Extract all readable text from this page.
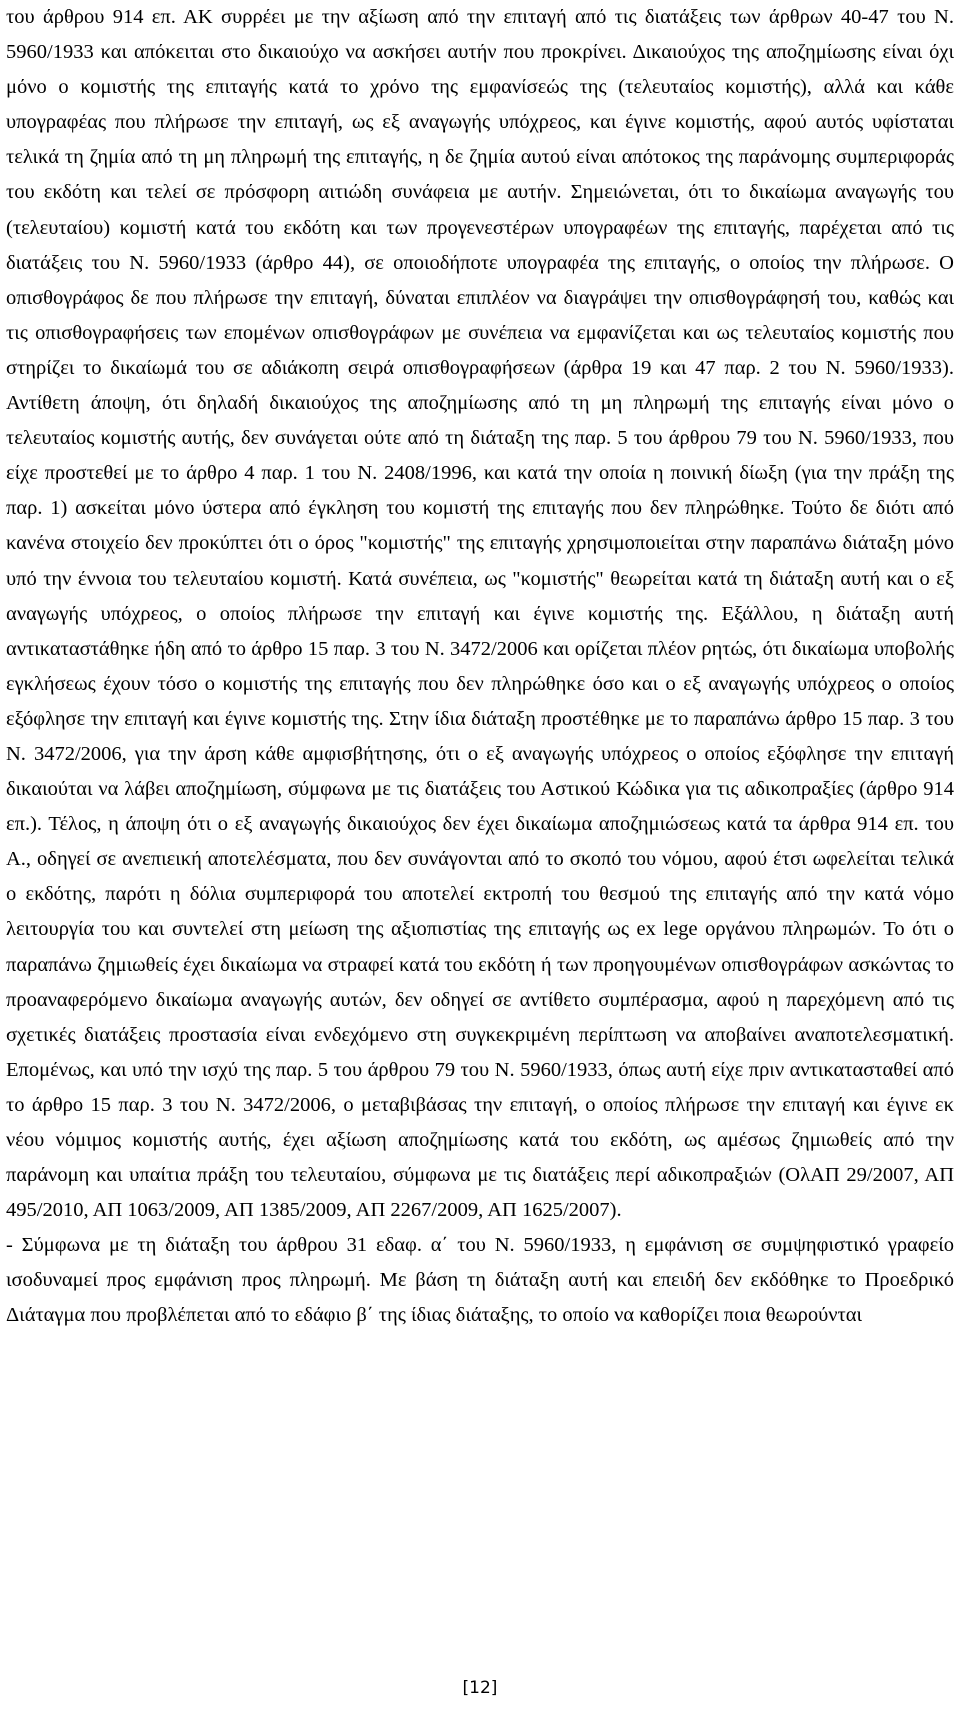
του άρθρου 914 επ. ΑΚ συρρέει με την αξίωση από την επιταγή από τις διατάξεις των άρθρων 40-47 του Ν. 5960/1933 και απόκειται στο δικαιούχο να ασκήσει αυτήν που προκρίνει. Δικαιούχος της αποζημίωσης είναι όχι μόνο ο κομιστής της επιταγής κατά το χρόνο της εμφανίσεώς της (τελευταίος κομιστής), αλλά και κάθε υπογραφέας που πλήρωσε την επιταγή, ως εξ αναγωγής υπόχρεος, και έγινε κομιστής, αφού αυτός υφίσταται τελικά τη ζημία από τη μη πληρωμή της επιταγής, η δε ζημία αυτού είναι απότοκος της παράνομης συμπεριφοράς του εκδότη και τελεί σε πρόσφορη αιτιώδη συνάφεια με αυτήν. Σημειώνεται, ότι το δικαίωμα αναγωγής του (τελευταίου) κομιστή κατά του εκδότη και των προγενεστέρων υπογραφέων της επιταγής, παρέχεται από τις διατάξεις του Ν. 5960/1933 (άρθρο 44), σε οποιοδήποτε υπογραφέα της επιταγής, ο οποίος την πλήρωσε. Ο οπισθογράφος δε που πλήρωσε την επιταγή, δύναται επιπλέον να διαγράψει την οπισθογράφησή του, καθώς και τις οπισθογραφήσεις των επομένων οπισθογράφων με συνέπεια να εμφανίζεται και ως τελευταίος κομιστής που στηρίζει το δικαίωμά του σε αδιάκοπη σειρά οπισθογραφήσεων (άρθρα 19 και 47 παρ. 2 του Ν. 5960/1933). Αντίθετη άποψη, ότι δηλαδή δικαιούχος της αποζημίωσης από τη μη πληρωμή της επιταγής είναι μόνο ο τελευταίος κομιστής αυτής, δεν συνάγεται ούτε από τη διάταξη της παρ. 5 του άρθρου 79 του Ν. 5960/1933, που είχε προστεθεί με το άρθρο 4 παρ. 1 του Ν. 2408/1996, και κατά την οποία η ποινική δίωξη (για την πράξη της παρ. 1) ασκείται μόνο ύστερα από έγκληση του κομιστή της επιταγής που δεν πληρώθηκε. Τούτο δε διότι από κανένα στοιχείο δεν προκύπτει ότι ο όρος "κομιστής" της επιταγής χρησιμοποιείται στην παραπάνω διάταξη μόνο υπό την έννοια του τελευταίου κομιστή. Κατά συνέπεια, ως "κομιστής" θεωρείται κατά τη διάταξη αυτή και ο εξ αναγωγής υπόχρεος, ο οποίος πλήρωσε την επιταγή και έγινε κομιστής της. Εξάλλου, η διάταξη αυτή αντικαταστάθηκε ήδη από το άρθρο 15 παρ. 3 του Ν. 3472/2006 και ορίζεται πλέον ρητώς, ότι δικαίωμα υποβολής εγκλήσεως έχουν τόσο ο κομιστής της επιταγής που δεν πληρώθηκε όσο και ο εξ αναγωγής υπόχρεος ο οποίος εξόφλησε την επιταγή και έγινε κομιστής της. Στην ίδια διάταξη προστέθηκε με το παραπάνω άρθρο 15 παρ. 3 του Ν. 3472/2006, για την άρση κάθε αμφισβήτησης, ότι ο εξ αναγωγής υπόχρεος ο οποίος εξόφλησε την επιταγή δικαιούται να λάβει αποζημίωση, σύμφωνα με τις διατάξεις του Αστικού Κώδικα για τις αδικοπραξίες (άρθρο 914 επ.). Τέλος, η άποψη ότι ο εξ αναγωγής δικαιούχος δεν έχει δικαίωμα αποζημιώσεως κατά τα άρθρα 914 επ. του Α., οδηγεί σε ανεπιεική αποτελέσματα, που δεν συνάγονται από το σκοπό του νόμου, αφού έτσι ωφελείται τελικά ο εκδότης, παρότι η δόλια συμπεριφορά του αποτελεί εκτροπή του θεσμού της επιταγής από την κατά νόμο λειτουργία του και συντελεί στη μείωση της αξιοπιστίας της επιταγής ως ex lege οργάνου πληρωμών. Το ότι ο παραπάνω ζημιωθείς έχει δικαίωμα να στραφεί κατά του εκδότη ή των προηγουμένων οπισθογράφων ασκώντας το προαναφερόμενο δικαίωμα αναγωγής αυτών, δεν οδηγεί σε αντίθετο συμπέρασμα, αφού η παρεχόμενη από τις σχετικές διατάξεις προστασία είναι ενδεχόμενο στη συγκεκριμένη περίπτωση να αποβαίνει αναποτελεσματική. Επομένως, και υπό την ισχύ της παρ. 5 του άρθρου 79 του Ν. 5960/1933, όπως αυτή είχε πριν αντικατασταθεί από το άρθρο 15 παρ. 3 του Ν. 3472/2006, ο μεταβιβάσας την επιταγή, ο οποίος πλήρωσε την επιταγή και έγινε εκ νέου νόμιμος κομιστής αυτής, έχει αξίωση αποζημίωσης κατά του εκδότη, ως αμέσως ζημιωθείς από την παράνομη και υπαίτια πράξη του τελευταίου, σύμφωνα με τις διατάξεις περί αδικοπραξιών (ΟλΑΠ 29/2007, ΑΠ 495/2010, ΑΠ 1063/2009, ΑΠ 1385/2009, ΑΠ 2267/2009, ΑΠ 1625/2007).

- Σύμφωνα με τη διάταξη του άρθρου 31 εδαφ. α΄ του Ν. 5960/1933, η εμφάνιση σε συμψηφιστικό γραφείο ισοδυναμεί προς εμφάνιση προς πληρωμή. Με βάση τη διάταξη αυτή και επειδή δεν εκδόθηκε το Προεδρικό Διάταγμα που προβλέπεται από το εδάφιο β΄ της ίδιας διάταξης, το οποίο να καθορίζει ποια θεωρούνται

[12]
